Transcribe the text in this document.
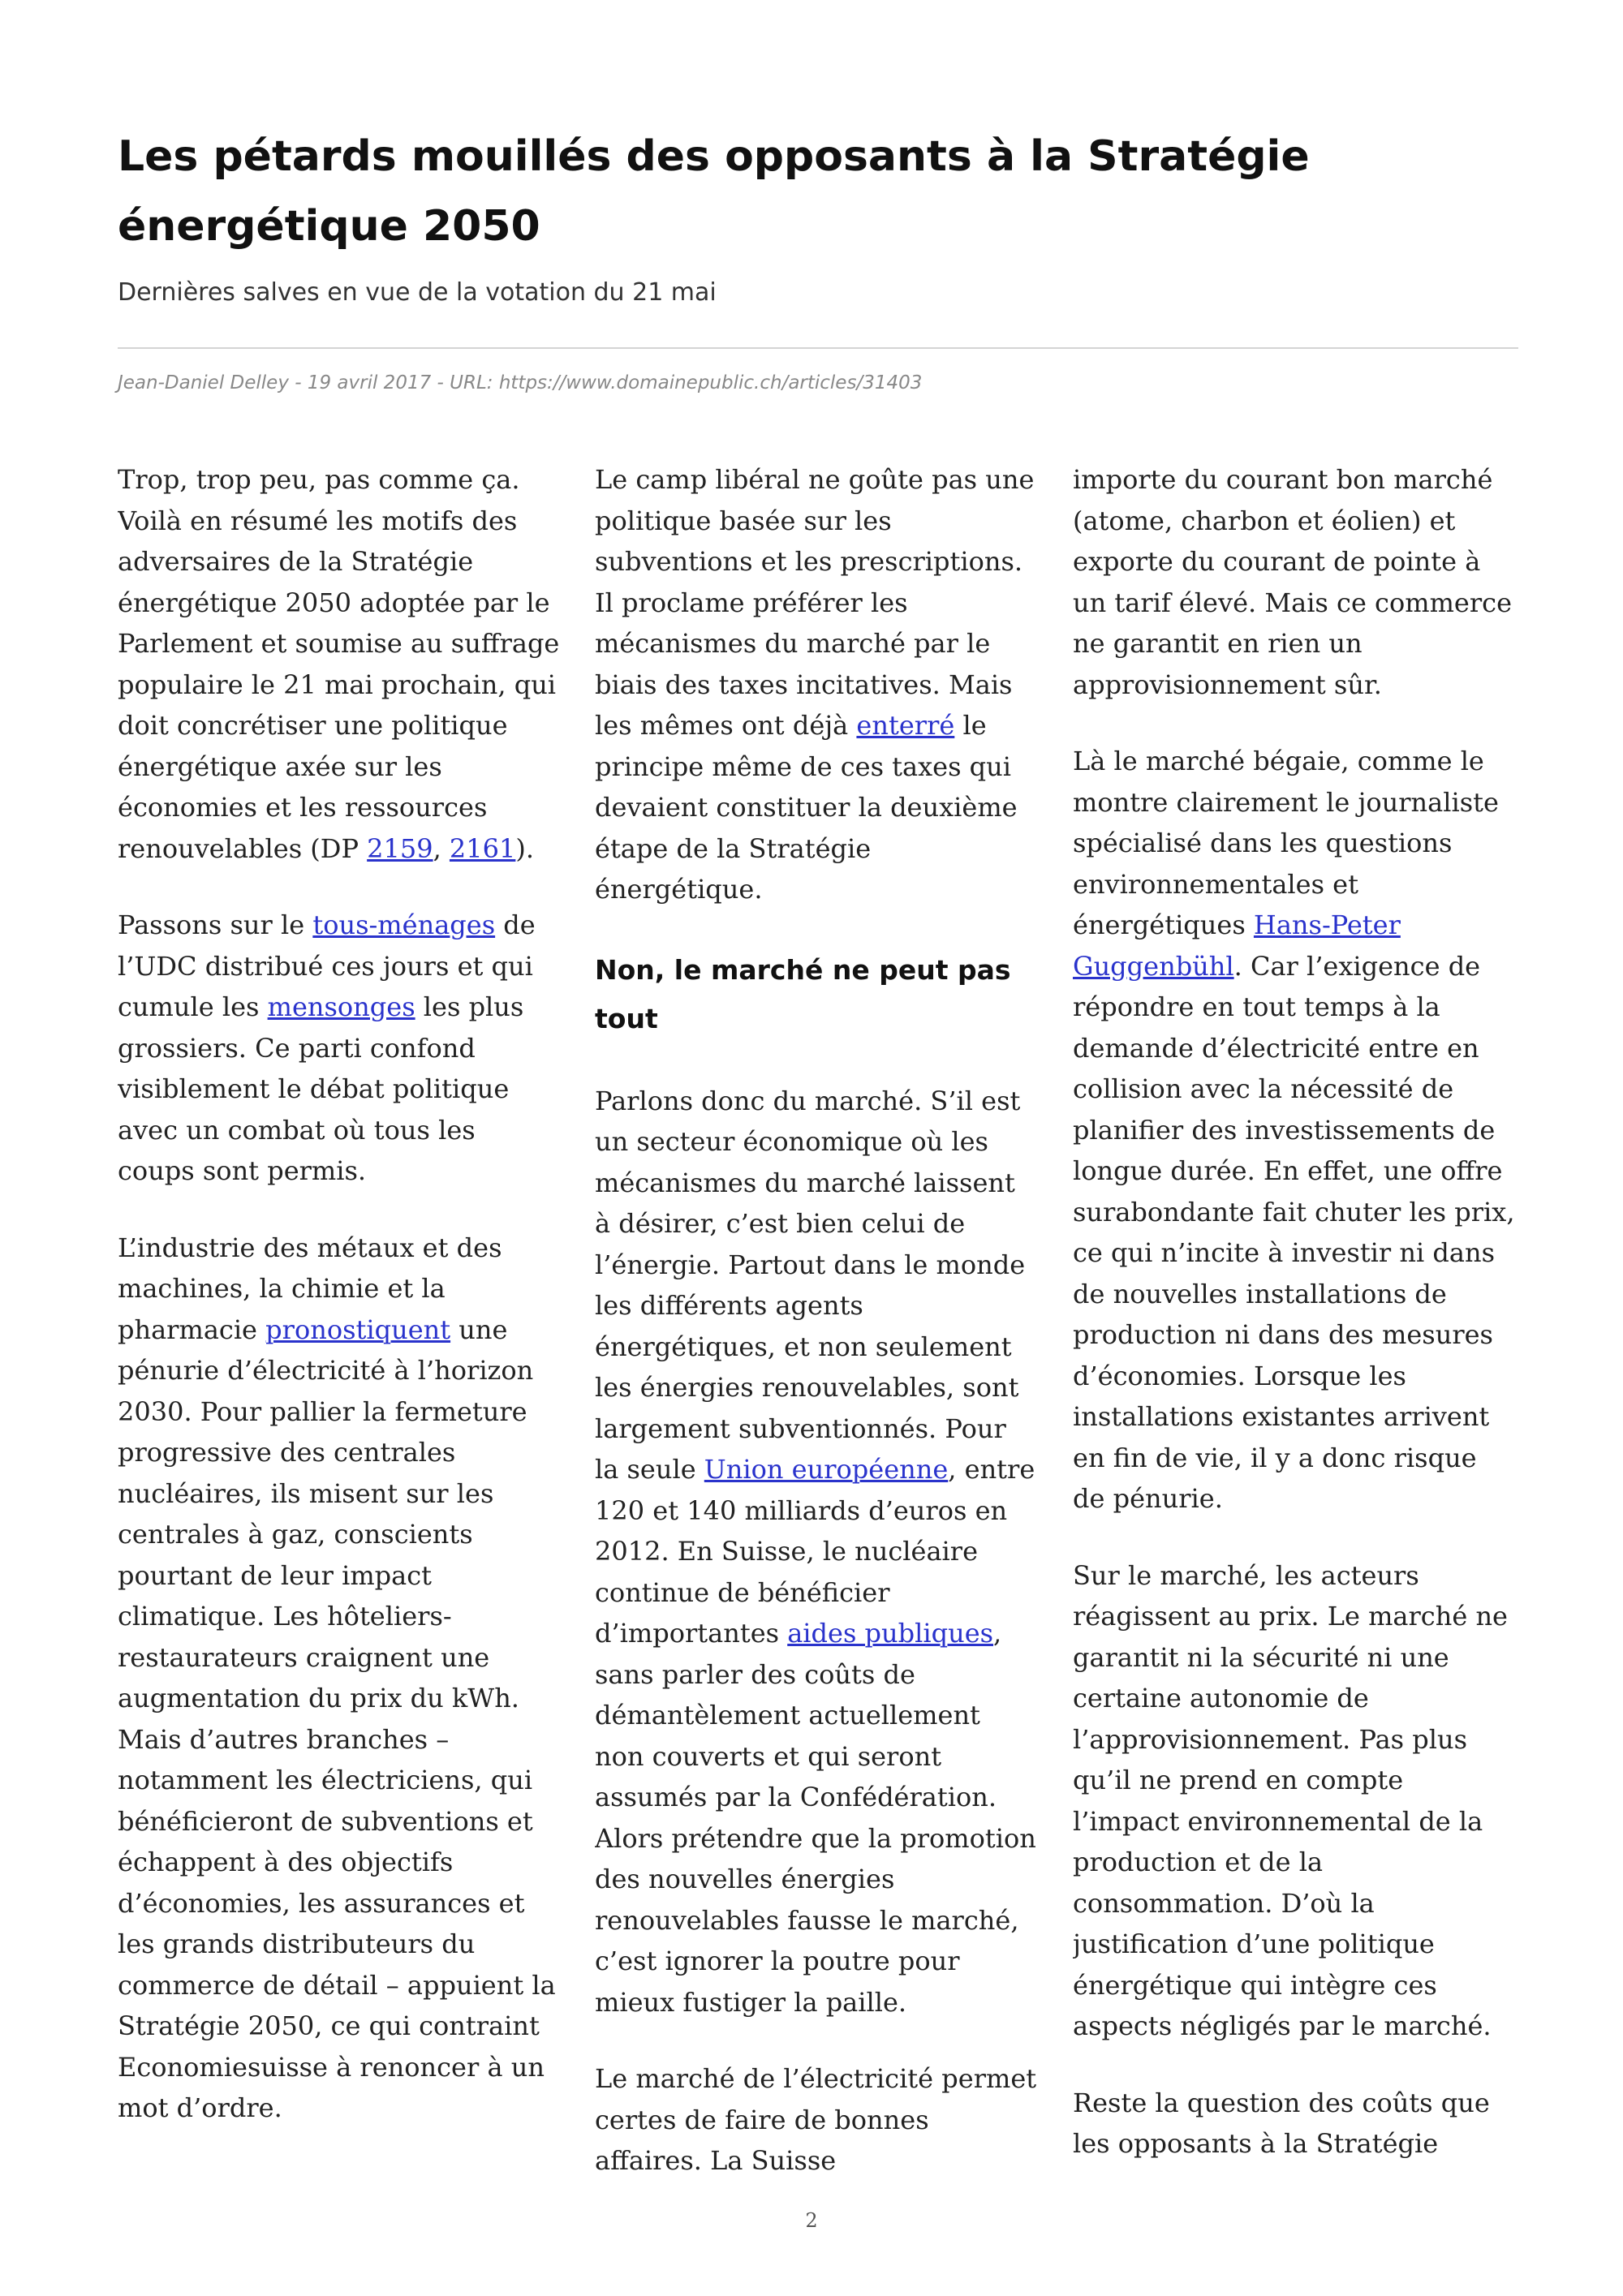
Les pétards mouillés des opposants à la Stratégie énergétique 2050

Dernières salves en vue de la votation du 21 mai

Jean-Daniel Delley - 19 avril 2017 - URL: https://www.domainepublic.ch/articles/31403

Trop, trop peu, pas comme ça. Voilà en résumé les motifs des adversaires de la Stratégie énergétique 2050 adoptée par le Parlement et soumise au suffrage populaire le 21 mai prochain, qui doit concrétiser une politique énergétique axée sur les économies et les ressources renouvelables (DP 2159, 2161).

Passons sur le tous-ménages de l’UDC distribué ces jours et qui cumule les mensonges les plus grossiers. Ce parti confond visiblement le débat politique avec un combat où tous les coups sont permis.

L’industrie des métaux et des machines, la chimie et la pharmacie pronostiquent une pénurie d’électricité à l’horizon 2030. Pour pallier la fermeture progressive des centrales nucléaires, ils misent sur les centrales à gaz, conscients pourtant de leur impact climatique. Les hôteliers-restaurateurs craignent une augmentation du prix du kWh. Mais d’autres branches – notamment les électriciens, qui bénéficieront de subventions et échappent à des objectifs d’économies, les assurances et les grands distributeurs du commerce de détail – appuient la Stratégie 2050, ce qui contraint Economiesuisse à renoncer à un mot d’ordre.

Le camp libéral ne goûte pas une politique basée sur les subventions et les prescriptions. Il proclame préférer les mécanismes du marché par le biais des taxes incitatives. Mais les mêmes ont déjà enterré le principe même de ces taxes qui devaient constituer la deuxième étape de la Stratégie énergétique.

Non, le marché ne peut pas tout

Parlons donc du marché. S’il est un secteur économique où les mécanismes du marché laissent à désirer, c’est bien celui de l’énergie. Partout dans le monde les différents agents énergétiques, et non seulement les énergies renouvelables, sont largement subventionnés. Pour la seule Union européenne, entre 120 et 140 milliards d’euros en 2012. En Suisse, le nucléaire continue de bénéficier d’importantes aides publiques, sans parler des coûts de démantèlement actuellement non couverts et qui seront assumés par la Confédération. Alors prétendre que la promotion des nouvelles énergies renouvelables fausse le marché, c’est ignorer la poutre pour mieux fustiger la paille.

Le marché de l’électricité permet certes de faire de bonnes affaires. La Suisse

importe du courant bon marché (atome, charbon et éolien) et exporte du courant de pointe à un tarif élevé. Mais ce commerce ne garantit en rien un approvisionnement sûr.

Là le marché bégaie, comme le montre clairement le journaliste spécialisé dans les questions environnementales et énergétiques Hans-Peter Guggenbühl. Car l’exigence de répondre en tout temps à la demande d’électricité entre en collision avec la nécessité de planifier des investissements de longue durée. En effet, une offre surabondante fait chuter les prix, ce qui n’incite à investir ni dans de nouvelles installations de production ni dans des mesures d’économies. Lorsque les installations existantes arrivent en fin de vie, il y a donc risque de pénurie.

Sur le marché, les acteurs réagissent au prix. Le marché ne garantit ni la sécurité ni une certaine autonomie de l’approvisionnement. Pas plus qu’il ne prend en compte l’impact environnemental de la production et de la consommation. D’où la justification d’une politique énergétique qui intègre ces aspects négligés par le marché.

Reste la question des coûts que les opposants à la Stratégie

2
